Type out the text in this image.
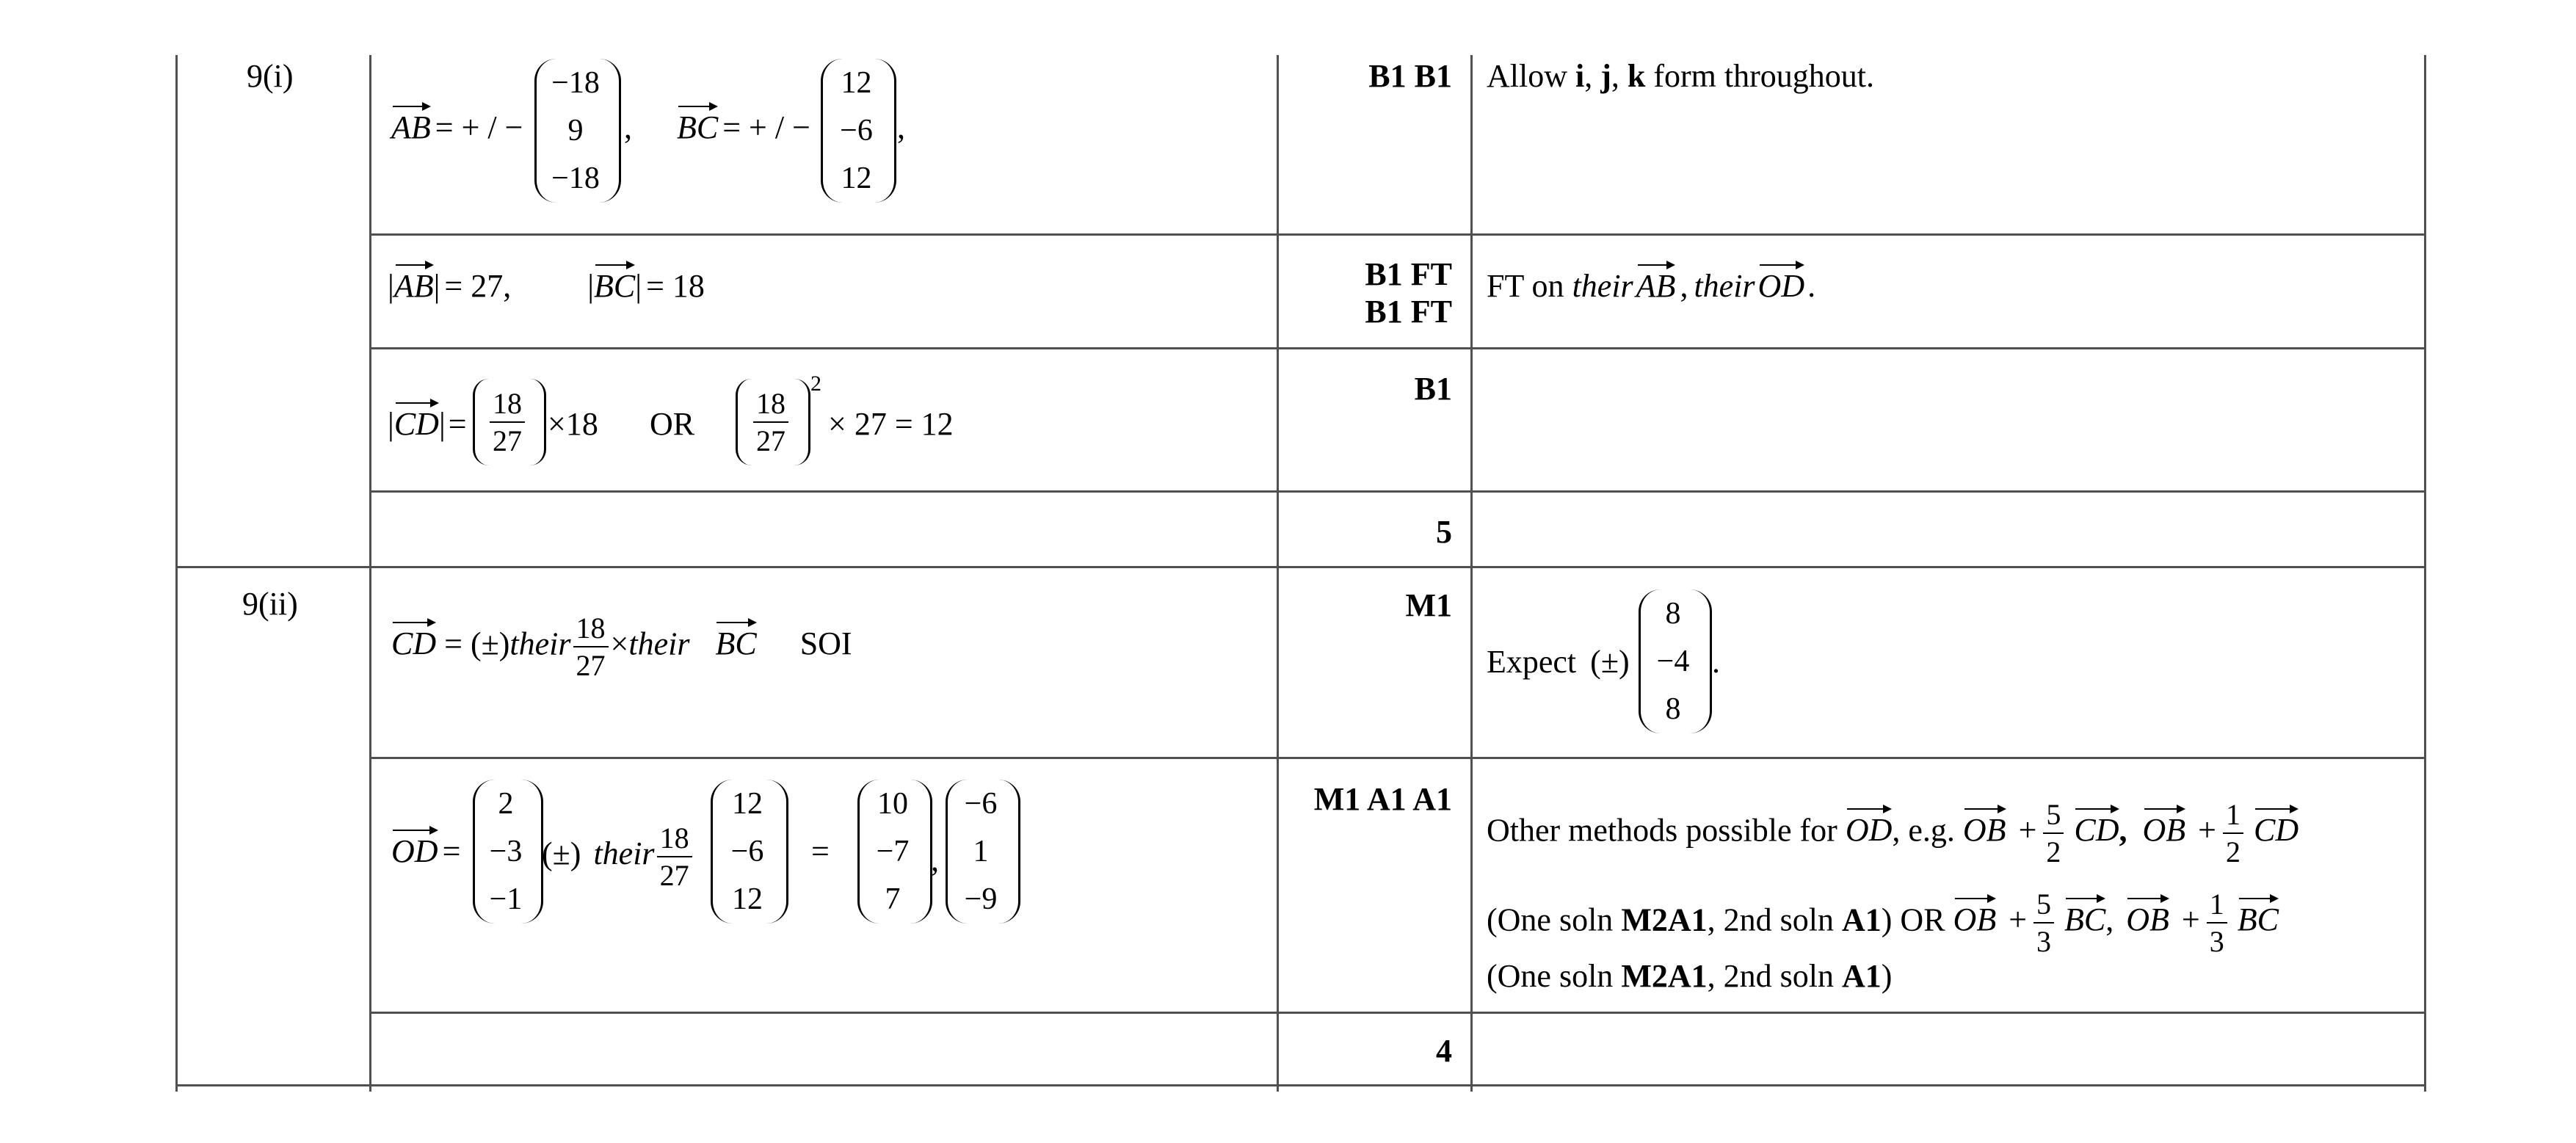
9(i)
AB = + / −
−18
9
−18
, BC = + / −
12
−6
12
,
B1 B1 Allow i, j, k form throughout.
|AB| = 27, |BC| = 18	B1 FT
B1 FT
FT on theirAB , theirOD.
$|CD|= \frac{18}{27} \times 18$ OR $\frac{18}{27}$
2
× 27 = 12
B1
5
9(ii)
CD = (±)their $\frac{18}{27}$ ×their BC SOI
M1
Expect (±)
8
−4
8
.
OD =
2
−3
−1
(±) their $\frac{18}{27}$
12
−6
12
=
10
−7
7
,
−6
1
−9
M1 A1 A1
Other methods possible for OD, e.g. OB + $\frac{5}{2}$ CD, OB + $\frac{1}{2}$ CD
(One soln M2A1, 2nd soln A1) OR OB + $\frac{5}{3}$ BC, OB + $\frac{1}{3}$ BC
(One soln M2A1, 2nd soln A1)
4
